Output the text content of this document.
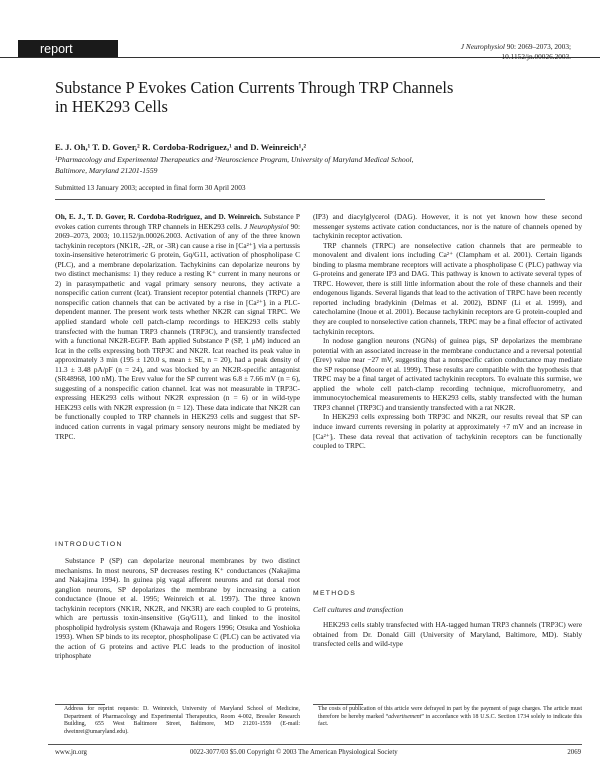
report	J Neurophysiol 90: 2069–2073, 2003;
10.1152/jn.00026.2003.
Substance P Evokes Cation Currents Through TRP Channels
in HEK293 Cells
E. J. Oh,¹ T. D. Gover,² R. Cordoba-Rodriguez,¹ and D. Weinreich¹,²
¹Pharmacology and Experimental Therapeutics and ²Neuroscience Program, University of Maryland Medical School,
Baltimore, Maryland 21201-1559
Submitted 13 January 2003; accepted in final form 30 April 2003

Oh, E. J., T. D. Gover, R. Cordoba-Rodriguez, and D. Weinreich. Substance P evokes cation currents through TRP channels in HEK293 cells. J Neurophysiol 90: 2069–2073, 2003; 10.1152/jn.00026.2003. Activation of any of the three known tachykinin receptors (NK1R, -2R, or -3R) can cause a rise in [Ca²⁺]ᵢ via a pertussis toxin-insensitive heterotrimeric G protein, Gq/G11, activation of phospholipase C (PLC), and a membrane depolarization. Tachykinins can depolarize neurons by two distinct mechanisms: 1) they reduce a resting K⁺ current in many neurons or 2) in parasympathetic and vagal primary sensory neurons, they activate a nonspecific cation current (Icat). Transient receptor potential channels (TRPC) are nonspecific cation channels that can be activated by a rise in [Ca²⁺]ᵢ in a PLC-dependent manner. The present work tests whether NK2R can signal TRPC. We applied standard whole cell patch-clamp recordings to HEK293 cells stably transfected with the human TRP3 channels (TRP3C), and transiently transfected with a functional NK2R-EGFP. Bath applied Substance P (SP, 1 μM) induced an Icat in the cells expressing both TRP3C and NK2R. Icat reached its peak value in approximately 3 min (195 ± 120.0 s, mean ± SE, n = 20), had a peak density of 11.3 ± 3.48 pA/pF (n = 24), and was blocked by an NK2R-specific antagonist (SR48968, 100 nM). The Erev value for the SP current was 6.8 ± 7.66 mV (n = 6), suggesting of a nonspecific cation channel. Icat was not measurable in TRP3C-expressing HEK293 cells without NK2R expression (n = 6) or in wild-type HEK293 cells with NK2R expression (n = 12). These data indicate that NK2R can be functionally coupled to TRP channels in HEK293 cells and suggest that SP-induced cation currents in vagal primary sensory neurons might be mediated by TRPC.

INTRODUCTION

Substance P (SP) can depolarize neuronal membranes by two distinct mechanisms. In most neurons, SP decreases resting K⁺ conductances (Nakajima and Nakajima 1994). In guinea pig vagal afferent neurons and rat dorsal root ganglion neurons, SP depolarizes the membrane by increasing a cation conductance (Inoue et al. 1995; Weinreich et al. 1997). The three known tachykinin receptors (NK1R, NK2R, and NK3R) are each coupled to G proteins, which are pertussis toxin-insensitive (Gq/G11), and linked to the inositol phospholipid hydrolysis system (Khawaja and Rogers 1996; Otsuka and Yoshioka 1993). When SP binds to its receptor, phospholipase C (PLC) can be activated via the action of G proteins and active PLC leads to the production of inositol triphosphate

(IP3) and diacylglycerol (DAG). However, it is not yet known how these second messenger systems activate cation conductances, nor is the nature of channels opened by tachykinin receptor activation.

TRP channels (TRPC) are nonselective cation channels that are permeable to monovalent and divalent ions including Ca²⁺ (Clampham et al. 2001). Certain ligands binding to plasma membrane receptors will activate a phospholipase C (PLC) pathway via G-proteins and generate IP3 and DAG. This pathway is known to activate several types of TRPC. However, there is still little information about the role of these channels and their endogenous ligands. Several ligands that lead to the activation of TRPC have been recently reported including bradykinin (Delmas et al. 2002), BDNF (Li et al. 1999), and catecholamine (Inoue et al. 2001). Because tachykinin receptors are G protein-coupled and they are coupled to nonselective cation channels, TRPC may be a final effector of activated tachykinin receptors.

In nodose ganglion neurons (NGNs) of guinea pigs, SP depolarizes the membrane potential with an associated increase in the membrane conductance and a reversal potential (Erev) value near −27 mV, suggesting that a nonspecific cation conductance may mediate the SP response (Moore et al. 1999). These results are compatible with the hypothesis that TRPC may be a final target of activated tachykinin receptors. To evaluate this surmise, we applied the whole cell patch-clamp recording technique, microfluorometry, and immunocytochemical measurements to HEK293 cells, stably transfected with the human TRP3 channel (TRP3C) and transiently transfected with a rat NK2R.

In HEK293 cells expressing both TRP3C and NK2R, our results reveal that SP can induce inward currents reversing in polarity at approximately +7 mV and an increase in [Ca²⁺]ᵢ. These data reveal that activation of tachykinin receptors can be functionally coupled to TRPC.

METHODS
Cell cultures and transfection

HEK293 cells stably transfected with HA-tagged human TRP3 channels (TRP3C) were obtained from Dr. Donald Gill (University of Maryland, Baltimore, MD). Stably transfected cells and wild-type

Address for reprint requests: D. Weinreich, University of Maryland School of Medicine, Department of Pharmacology and Experimental Therapeutics, Room 4-002, Bressler Research Building, 655 West Baltimore Street, Baltimore, MD 21201-1559 (E-mail: dweinrei@umaryland.edu).
The costs of publication of this article were defrayed in part by the payment of page charges. The article must therefore be hereby marked “advertisement” in accordance with 18 U.S.C. Section 1734 solely to indicate this fact.
www.jn.org	0022-3077/03 $5.00 Copyright © 2003 The American Physiological Society	2069
